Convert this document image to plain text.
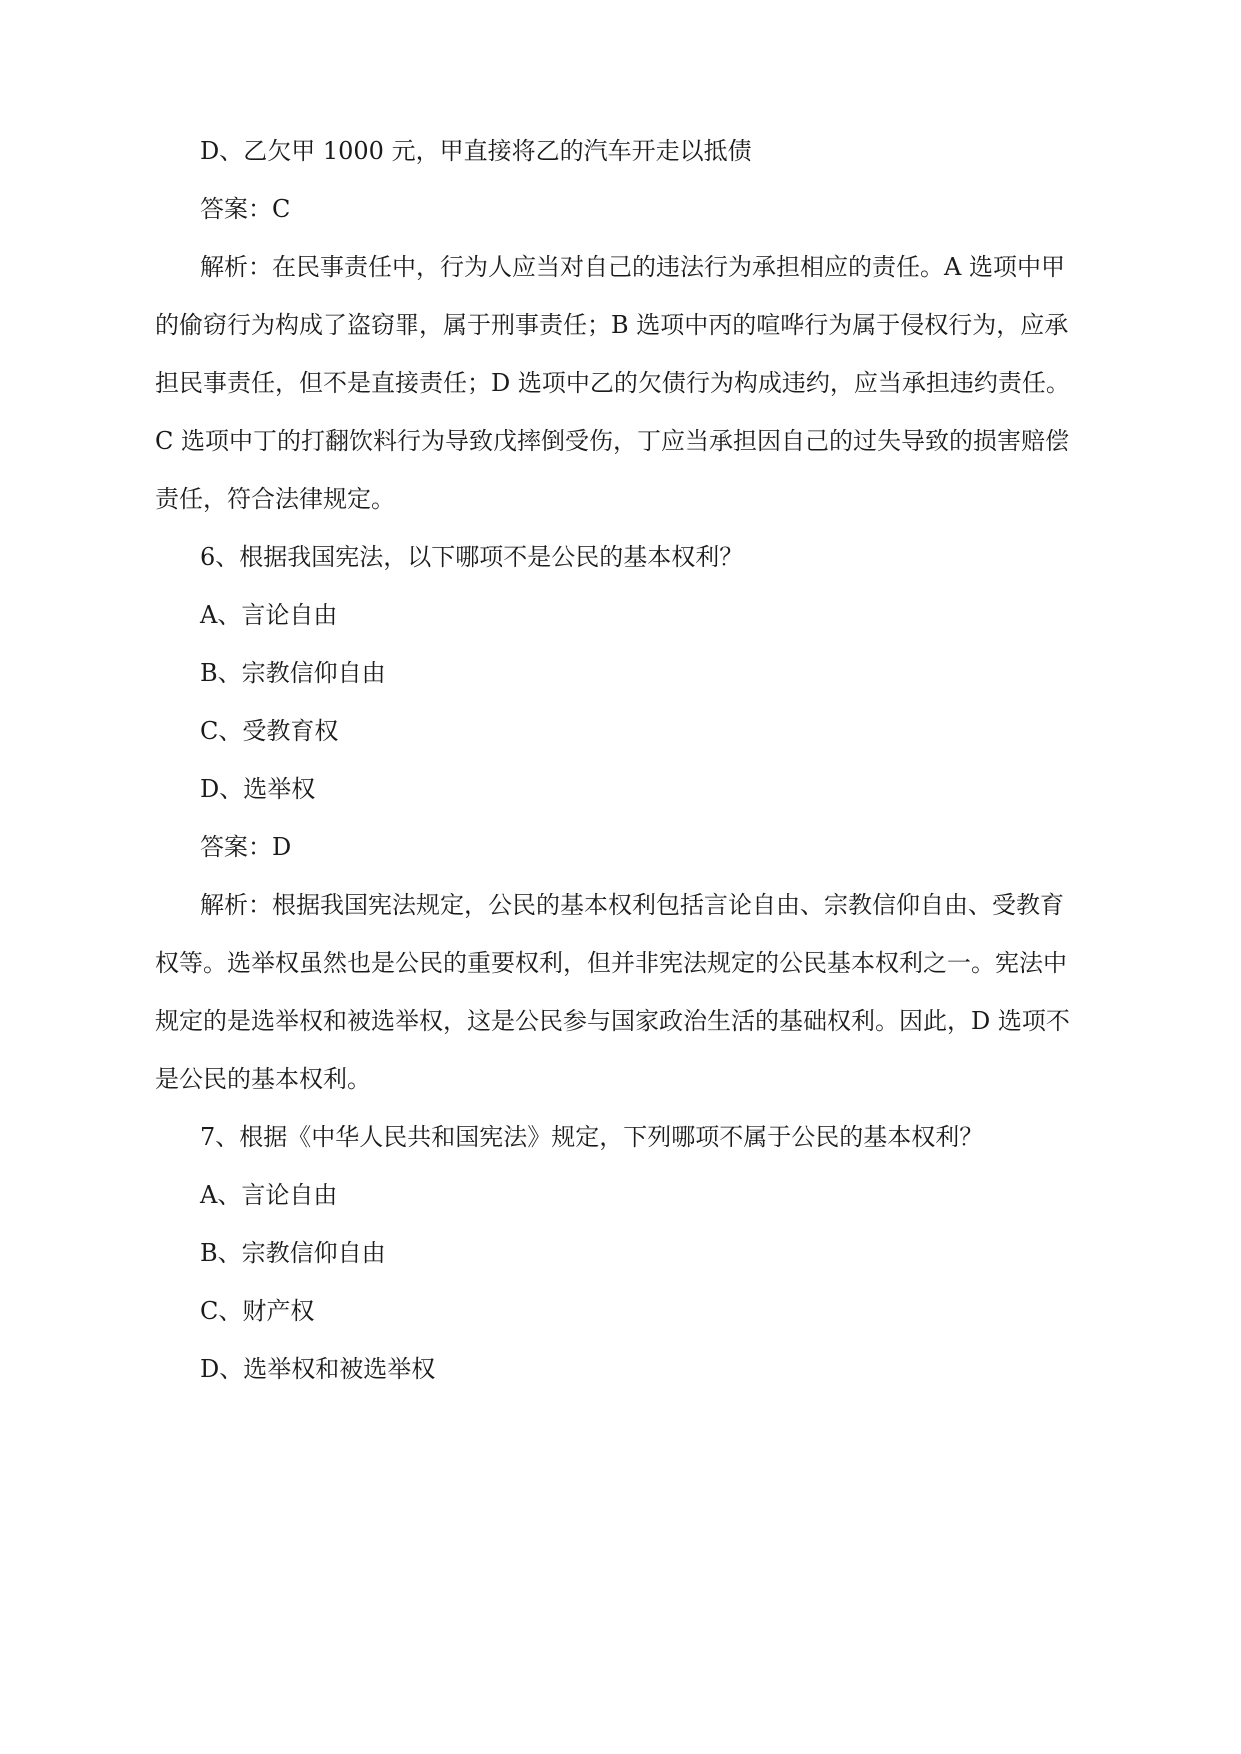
D、乙欠甲 1000 元，甲直接将乙的汽车开走以抵债
答案：C
解析：在民事责任中，行为人应当对自己的违法行为承担相应的责任。A 选项中甲
的偷窃行为构成了盗窃罪，属于刑事责任；B 选项中丙的喧哗行为属于侵权行为，应承
担民事责任，但不是直接责任；D 选项中乙的欠债行为构成违约，应当承担违约责任。
C 选项中丁的打翻饮料行为导致戊摔倒受伤，丁应当承担因自己的过失导致的损害赔偿
责任，符合法律规定。
6、根据我国宪法，以下哪项不是公民的基本权利？
A、言论自由
B、宗教信仰自由
C、受教育权
D、选举权
答案：D
解析：根据我国宪法规定，公民的基本权利包括言论自由、宗教信仰自由、受教育
权等。选举权虽然也是公民的重要权利，但并非宪法规定的公民基本权利之一。宪法中
规定的是选举权和被选举权，这是公民参与国家政治生活的基础权利。因此，D 选项不
是公民的基本权利。
7、根据《中华人民共和国宪法》规定，下列哪项不属于公民的基本权利？
A、言论自由
B、宗教信仰自由
C、财产权
D、选举权和被选举权
